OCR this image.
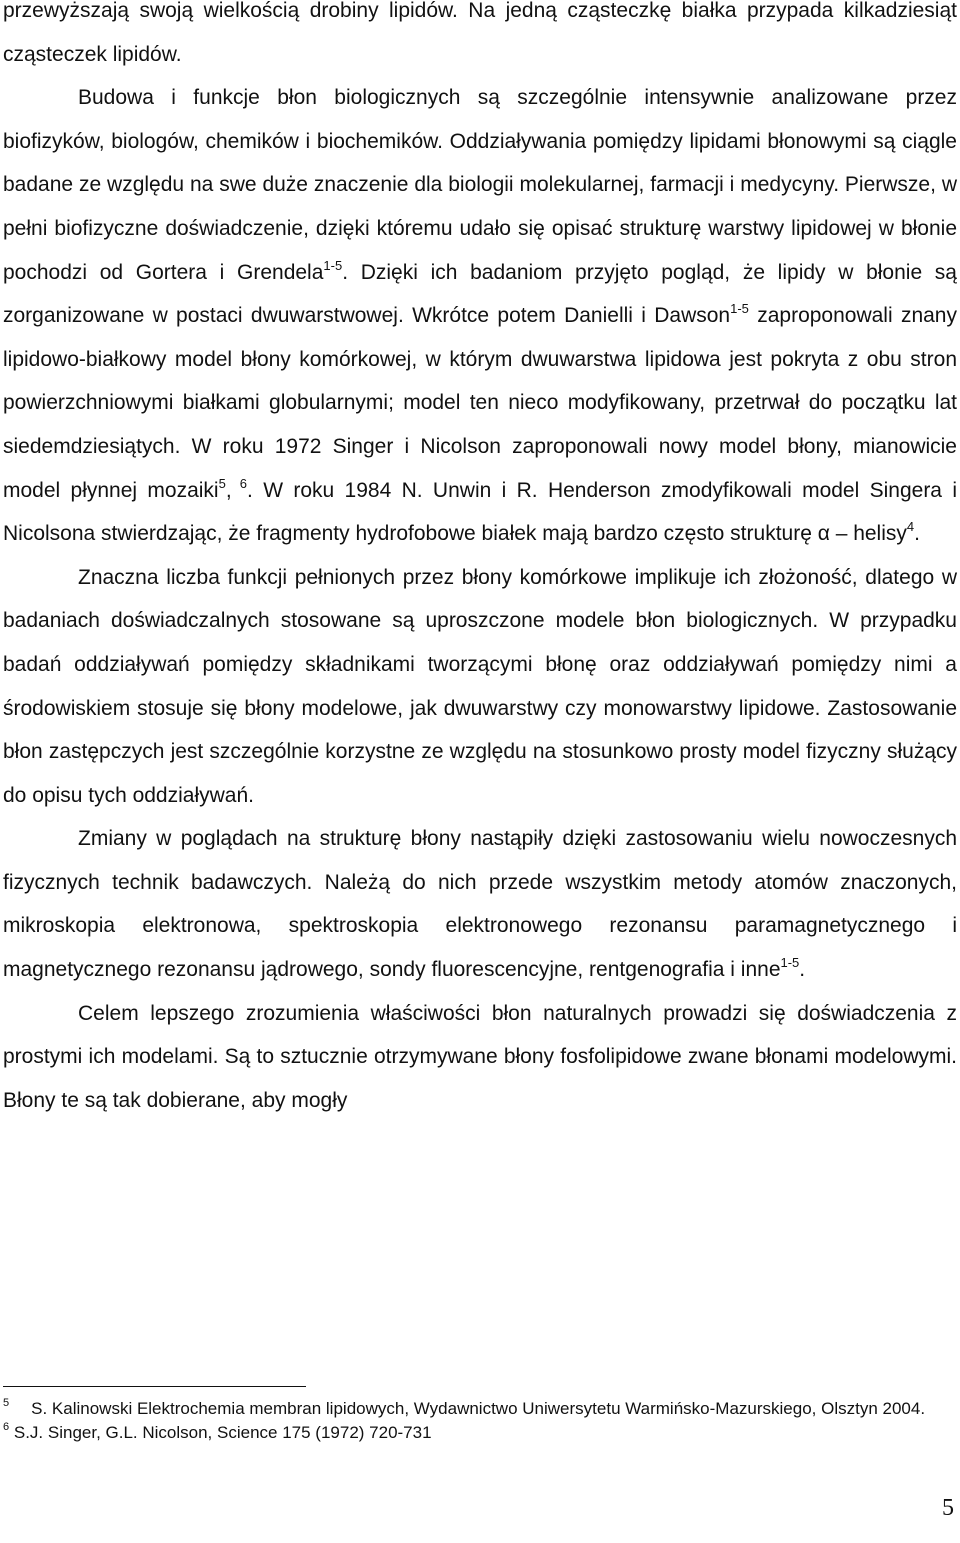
przewyższają swoją wielkością drobiny lipidów. Na jedną cząsteczkę białka przypada kilkadziesiąt cząsteczek lipidów.

Budowa i funkcje błon biologicznych są szczególnie intensywnie analizowane przez biofizyków, biologów, chemików i biochemików. Oddziaływania pomiędzy lipidami błonowymi są ciągle badane ze względu na swe duże znaczenie dla biologii molekularnej, farmacji i medycyny. Pierwsze, w pełni biofizyczne doświadczenie, dzięki któremu udało się opisać strukturę warstwy lipidowej w błonie pochodzi od Gortera i Grendela$^{1-5}$. Dzięki ich badaniom przyjęto pogląd, że lipidy w błonie są zorganizowane w postaci dwuwarstwowej. Wkrótce potem Danielli i Dawson$^{1-5}$ zaproponowali znany lipidowo-białkowy model błony komórkowej, w którym dwuwarstwa lipidowa jest pokryta z obu stron powierzchniowymi białkami globularnymi; model ten nieco modyfikowany, przetrwał do początku lat siedemdziesiątych. W roku 1972 Singer i Nicolson zaproponowali nowy model błony, mianowicie model płynnej mozaiki$^5$, $^6$. W roku 1984 N. Unwin i R. Henderson zmodyfikowali model Singera i Nicolsona stwierdzając, że fragmenty hydrofobowe białek mają bardzo często strukturę α – helisy$^4$.

Znaczna liczba funkcji pełnionych przez błony komórkowe implikuje ich złożoność, dlatego w badaniach doświadczalnych stosowane są uproszczone modele błon biologicznych. W przypadku badań oddziaływań pomiędzy składnikami tworzącymi błonę oraz oddziaływań pomiędzy nimi a środowiskiem stosuje się błony modelowe, jak dwuwarstwy czy monowarstwy lipidowe. Zastosowanie błon zastępczych jest szczególnie korzystne ze względu na stosunkowo prosty model fizyczny służący do opisu tych oddziaływań.

Zmiany w poglądach na strukturę błony nastąpiły dzięki zastosowaniu wielu nowoczesnych fizycznych technik badawczych. Należą do nich przede wszystkim metody atomów znaczonych, mikroskopia elektronowa, spektroskopia elektronowego rezonansu paramagnetycznego i magnetycznego rezonansu jądrowego, sondy fluorescencyjne, rentgenografia i inne$^{1-5}$.

Celem lepszego zrozumienia właściwości błon naturalnych prowadzi się doświadczenia z prostymi ich modelami. Są to sztucznie otrzymywane błony fosfolipidowe zwane błonami modelowymi. Błony te są tak dobierane, aby mogły

$^5$ S. Kalinowski Elektrochemia membran lipidowych, Wydawnictwo Uniwersytetu Warmińsko-Mazurskiego, Olsztyn 2004.

$^6$ S.J. Singer, G.L. Nicolson, Science 175 (1972) 720-731

5
